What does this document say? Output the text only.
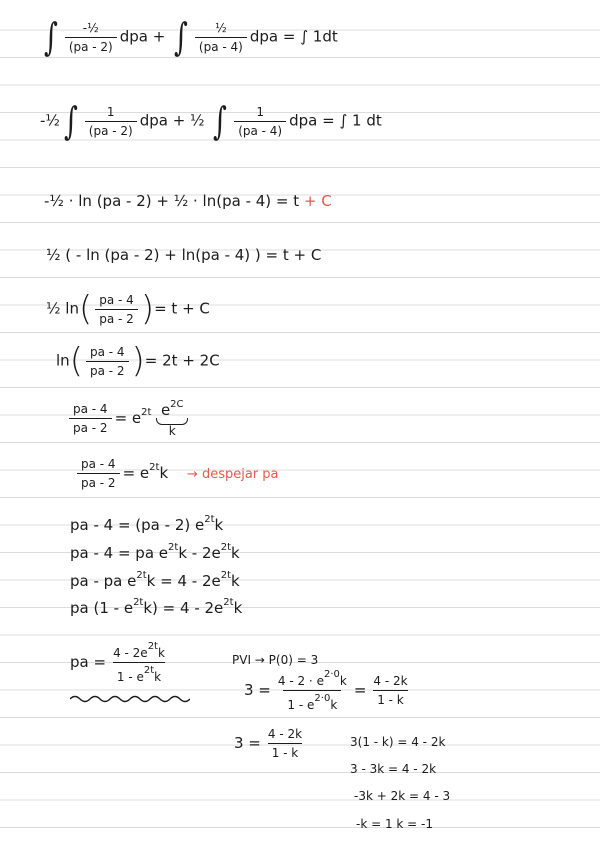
∫ $\frac{\text{-½}}{(pa - 2)}$ dpa + ∫ $\frac{\text{½}}{(pa - 4)}$ dpa = ∫ 1dt
-½ ∫ $\frac{1}{(pa - 2)}$ dpa + ½ ∫ $\frac{1}{(pa - 4)}$ dpa = ∫ 1 dt
-½ · ln (pa - 2) + ½ · ln(pa - 4) = t + C
½ ( - ln (pa - 2) + ln(pa - 4) ) = t + C
½ $\ln( \frac{pa - 4}{pa - 2}$ )= t + C
$\ln( \frac{pa - 4}{pa - 2}$ )= 2t + 2C
$\frac{pa - 4}{pa - 2} = e^{2t}$ $e^{2C}$
k
$\frac{pa - 4}{pa - 2} = e^{2t}k$ → despejar pa
pa - 4 = (pa - 2) $e^{2t}k$
pa - 4 = pa $e^{2t}k - 2e^{2t}k$
pa - pa $e^{2t}k = 4 - 2e^{2t}k$
pa $(1 - e^{2t}k) = 4 - 2e^{2t}k$
pa = $\frac{4 - 2e^{2t}k}{1 - e^{2t}k}$	PVI → P(0) = 3
$3 = \frac{4 - 2 \cdot e^{2\cdot 0}k}{1 - e^{2\cdot 0}k} = \frac{4 - 2k}{1 - k}$
$3 = \frac{4 - 2k}{1 - k}$	3(1 - k) = 4 - 2k
3 - 3k = 4 - 2k
-3k + 2k = 4 - 3
-k = 1 k = -1
